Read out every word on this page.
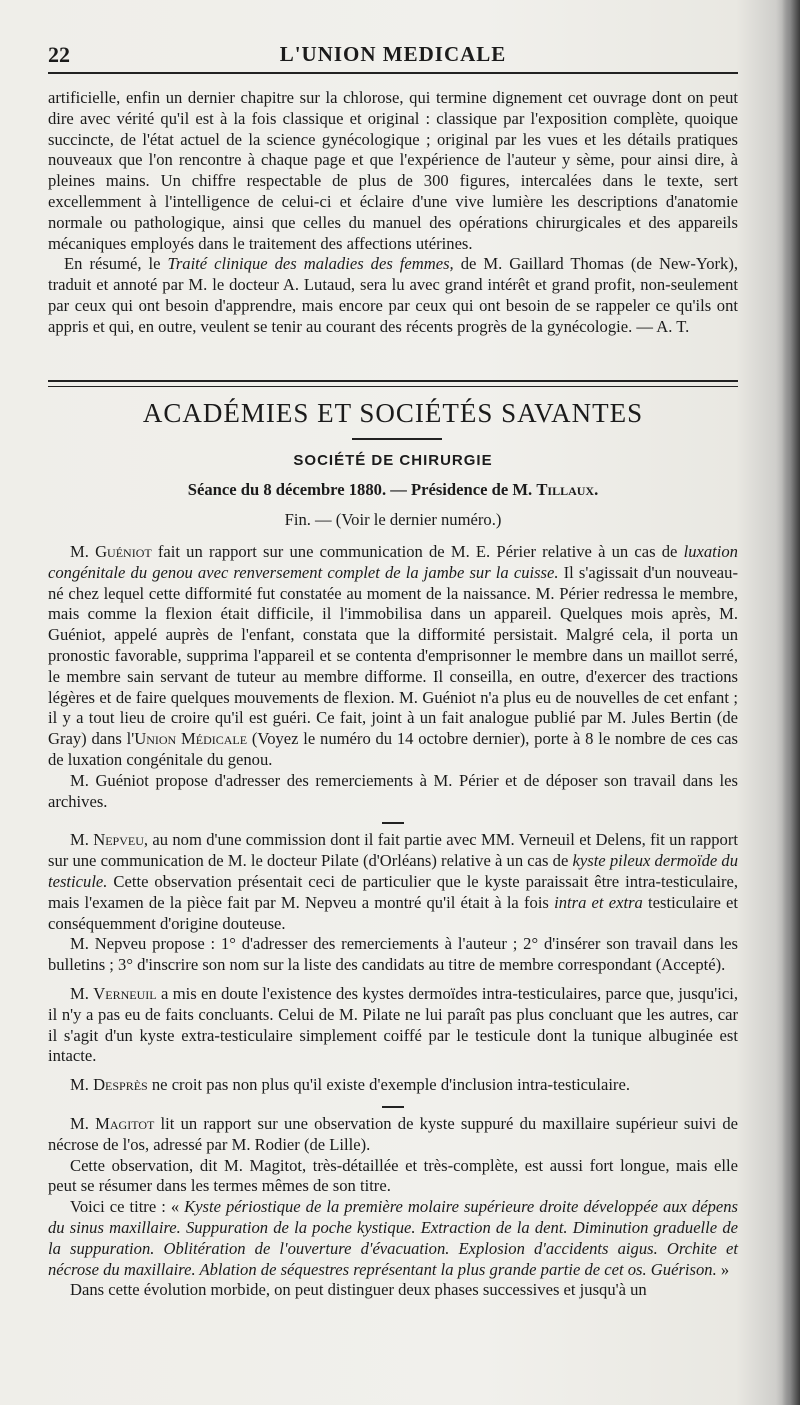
22	L'UNION MEDICALE

artificielle, enfin un dernier chapitre sur la chlorose, qui termine dignement cet ouvrage dont on peut dire avec vérité qu'il est à la fois classique et original : classique par l'exposition complète, quoique succincte, de l'état actuel de la science gynécologique ; original par les vues et les détails pratiques nouveaux que l'on rencontre à chaque page et que l'expérience de l'auteur y sème, pour ainsi dire, à pleines mains. Un chiffre respectable de plus de 300 figures, intercalées dans le texte, sert excellemment à l'intelligence de celui-ci et éclaire d'une vive lumière les descriptions d'anatomie normale ou pathologique, ainsi que celles du manuel des opérations chirurgicales et des appareils mécaniques employés dans le traitement des affections utérines.

En résumé, le Traité clinique des maladies des femmes, de M. Gaillard Thomas (de New-York), traduit et annoté par M. le docteur A. Lutaud, sera lu avec grand intérêt et grand profit, non-seulement par ceux qui ont besoin d'apprendre, mais encore par ceux qui ont besoin de se rappeler ce qu'ils ont appris et qui, en outre, veulent se tenir au courant des récents progrès de la gynécologie. — A. T.

ACADÉMIES ET SOCIÉTÉS SAVANTES
SOCIÉTÉ DE CHIRURGIE
Séance du 8 décembre 1880. — Présidence de M. Tillaux.
Fin. — (Voir le dernier numéro.)

M. Guéniot fait un rapport sur une communication de M. E. Périer relative à un cas de luxation congénitale du genou avec renversement complet de la jambe sur la cuisse. Il s'agissait d'un nouveau-né chez lequel cette difformité fut constatée au moment de la naissance. M. Périer redressa le membre, mais comme la flexion était difficile, il l'immobilisa dans un appareil. Quelques mois après, M. Guéniot, appelé auprès de l'enfant, constata que la difformité persistait. Malgré cela, il porta un pronostic favorable, supprima l'appareil et se contenta d'emprisonner le membre dans un maillot serré, le membre sain servant de tuteur au membre difforme. Il conseilla, en outre, d'exercer des tractions légères et de faire quelques mouvements de flexion. M. Guéniot n'a plus eu de nouvelles de cet enfant ; il y a tout lieu de croire qu'il est guéri. Ce fait, joint à un fait analogue publié par M. Jules Bertin (de Gray) dans l'Union Médicale (Voyez le numéro du 14 octobre dernier), porte à 8 le nombre de ces cas de luxation congénitale du genou.

M. Guéniot propose d'adresser des remerciements à M. Périer et de déposer son travail dans les archives.

M. Nepveu, au nom d'une commission dont il fait partie avec MM. Verneuil et Delens, fit un rapport sur une communication de M. le docteur Pilate (d'Orléans) relative à un cas de kyste pileux dermoïde du testicule. Cette observation présentait ceci de particulier que le kyste paraissait être intra-testiculaire, mais l'examen de la pièce fait par M. Nepveu a montré qu'il était à la fois intra et extra testiculaire et conséquemment d'origine douteuse.

M. Nepveu propose : 1° d'adresser des remerciements à l'auteur ; 2° d'insérer son travail dans les bulletins ; 3° d'inscrire son nom sur la liste des candidats au titre de membre correspondant (Accepté).

M. Verneuil a mis en doute l'existence des kystes dermoïdes intra-testiculaires, parce que, jusqu'ici, il n'y a pas eu de faits concluants. Celui de M. Pilate ne lui paraît pas plus concluant que les autres, car il s'agit d'un kyste extra-testiculaire simplement coiffé par le testicule dont la tunique albuginée est intacte.

M. Desprès ne croit pas non plus qu'il existe d'exemple d'inclusion intra-testiculaire.

M. Magitot lit un rapport sur une observation de kyste suppuré du maxillaire supérieur suivi de nécrose de l'os, adressé par M. Rodier (de Lille).

Cette observation, dit M. Magitot, très-détaillée et très-complète, est aussi fort longue, mais elle peut se résumer dans les termes mêmes de son titre.

Voici ce titre : « Kyste périostique de la première molaire supérieure droite développée aux dépens du sinus maxillaire. Suppuration de la poche kystique. Extraction de la dent. Diminution graduelle de la suppuration. Oblitération de l'ouverture d'évacuation. Explosion d'accidents aigus. Orchite et nécrose du maxillaire. Ablation de séquestres représentant la plus grande partie de cet os. Guérison. »

Dans cette évolution morbide, on peut distinguer deux phases successives et jusqu'à un
